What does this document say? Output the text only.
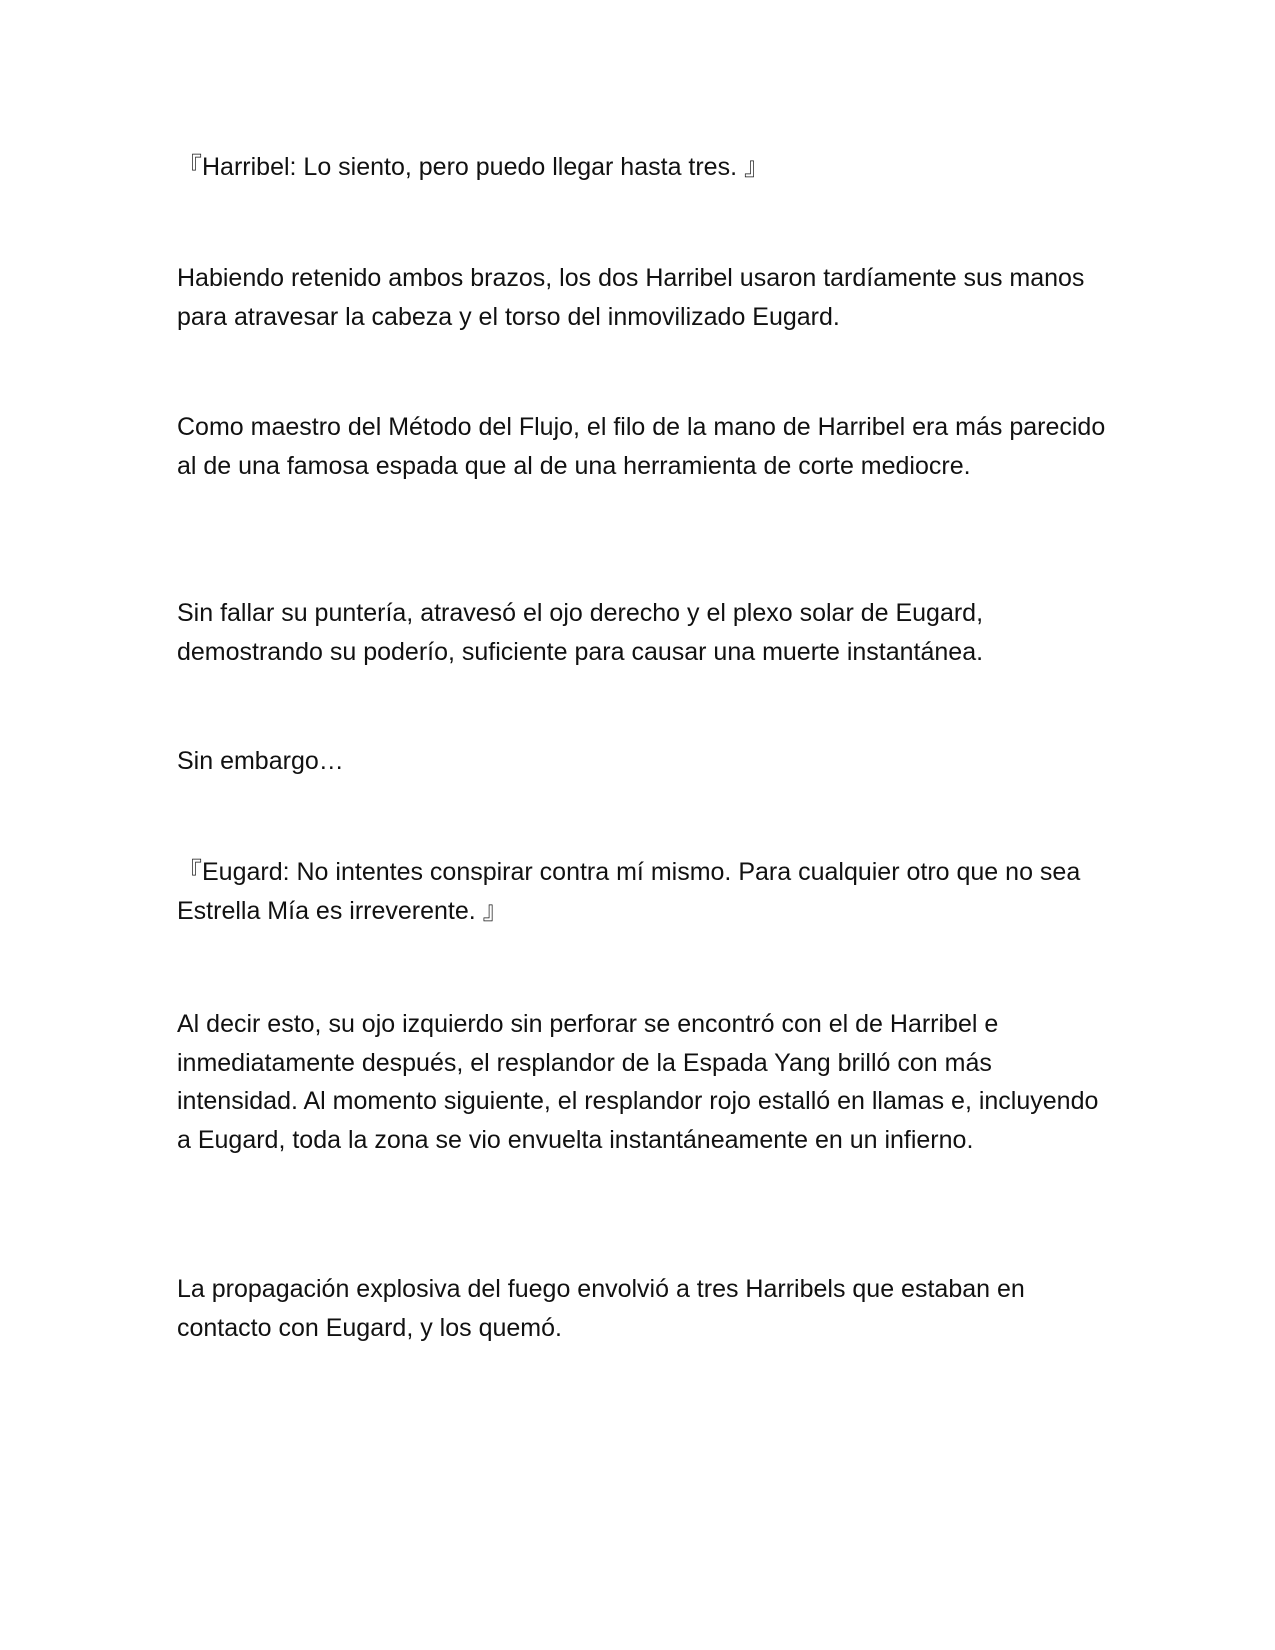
『Harribel: Lo siento, pero puedo llegar hasta tres. 』

Habiendo retenido ambos brazos, los dos Harribel usaron tardíamente sus manos para atravesar la cabeza y el torso del inmovilizado Eugard.

Como maestro del Método del Flujo, el filo de la mano de Harribel era más parecido al de una famosa espada que al de una herramienta de corte mediocre.

Sin fallar su puntería, atravesó el ojo derecho y el plexo solar de Eugard, demostrando su poderío, suficiente para causar una muerte instantánea.

Sin embargo…

『Eugard: No intentes conspirar contra mí mismo. Para cualquier otro que no sea Estrella Mía es irreverente. 』

Al decir esto, su ojo izquierdo sin perforar se encontró con el de Harribel e inmediatamente después, el resplandor de la Espada Yang brilló con más intensidad. Al momento siguiente, el resplandor rojo estalló en llamas e, incluyendo a Eugard, toda la zona se vio envuelta instantáneamente en un infierno.

La propagación explosiva del fuego envolvió a tres Harribels que estaban en contacto con Eugard, y los quemó.
